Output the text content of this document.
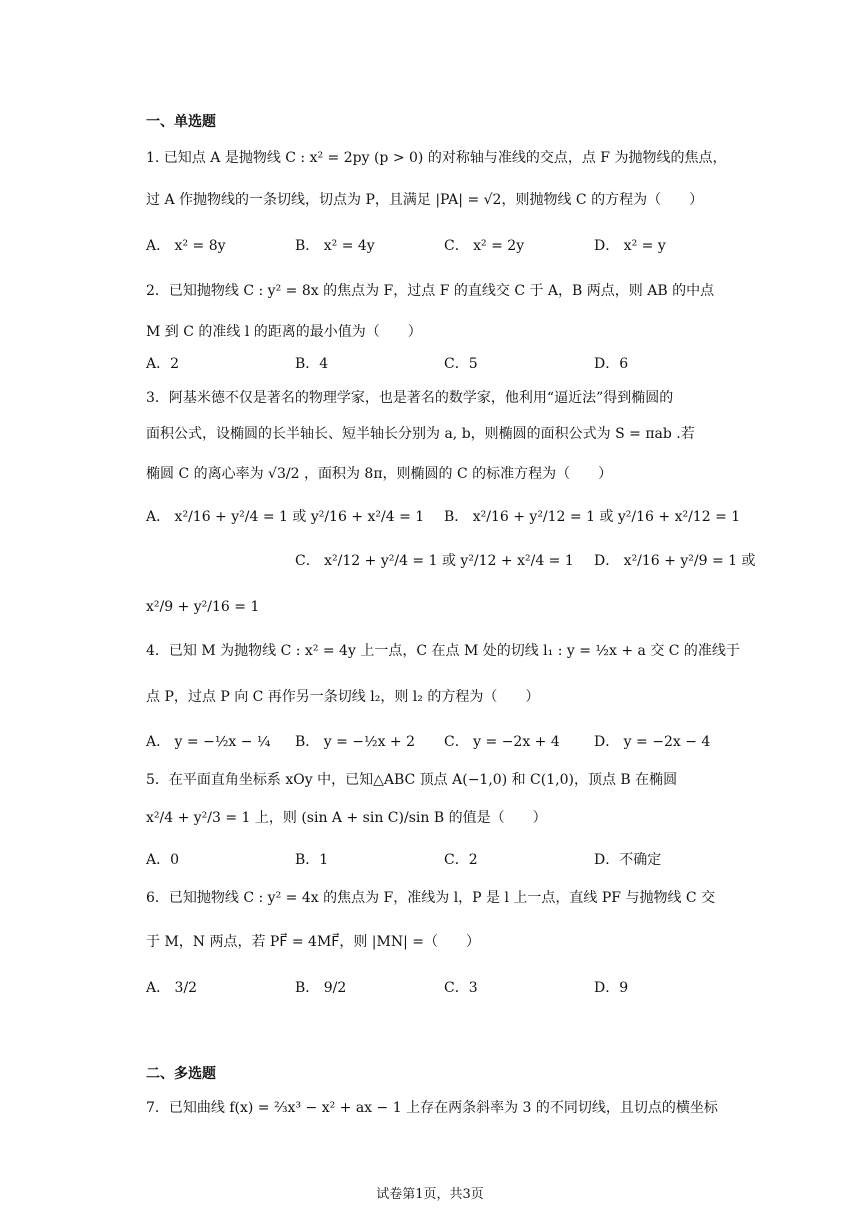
一、单选题
1. 已知点 A 是抛物线 C : x² = 2py (p > 0) 的对称轴与准线的交点，点 F 为抛物线的焦点，
过 A 作抛物线的一条切线，切点为 P，且满足 |PA| = √2，则抛物线 C 的方程为（　　）
A． x² = 8y	B． x² = 4y	C． x² = 2y	D． x² = y
2．已知抛物线 C : y² = 8x 的焦点为 F，过点 F 的直线交 C 于 A，B 两点，则 AB 的中点
M 到 C 的准线 l 的距离的最小值为（　　）
A．2	B．4	C．5	D．6
3．阿基米德不仅是著名的物理学家，也是著名的数学家，他利用“逼近法”得到椭圆的
面积公式，设椭圆的长半轴长、短半轴长分别为 a, b，则椭圆的面积公式为 S = πab .若
椭圆 C 的离心率为 √3/2 ，面积为 8π，则椭圆的 C 的标准方程为（　　）
A． x²/16 + y²/4 = 1 或 y²/16 + x²/4 = 1 B． x²/16 + y²/12 = 1 或 y²/16 + x²/12 = 1
C． x²/12 + y²/4 = 1 或 y²/12 + x²/4 = 1 D． x²/16 + y²/9 = 1 或
x²/9 + y²/16 = 1
4．已知 M 为抛物线 C : x² = 4y 上一点，C 在点 M 处的切线 l₁ : y = ½x + a 交 C 的准线于
点 P，过点 P 向 C 再作另一条切线 l₂，则 l₂ 的方程为（　　）
A． y = −½x − ¼ B． y = −½x + 2 C． y = −2x + 4 D． y = −2x − 4
5．在平面直角坐标系 xOy 中，已知△ABC 顶点 A(−1,0) 和 C(1,0)，顶点 B 在椭圆
x²/4 + y²/3 = 1 上，则 (sin A + sin C)/sin B 的值是（　　）
A．0	B．1	C．2	D．不确定
6．已知抛物线 C : y² = 4x 的焦点为 F，准线为 l，P 是 l 上一点，直线 PF 与抛物线 C 交
于 M，N 两点，若 PF⃗ = 4MF⃗，则 |MN| =（　　）
A． 3/2	B． 9/2	C．3	D．9
二、多选题
7．已知曲线 f(x) = ⅔x³ − x² + ax − 1 上存在两条斜率为 3 的不同切线，且切点的横坐标
试卷第1页，共3页
